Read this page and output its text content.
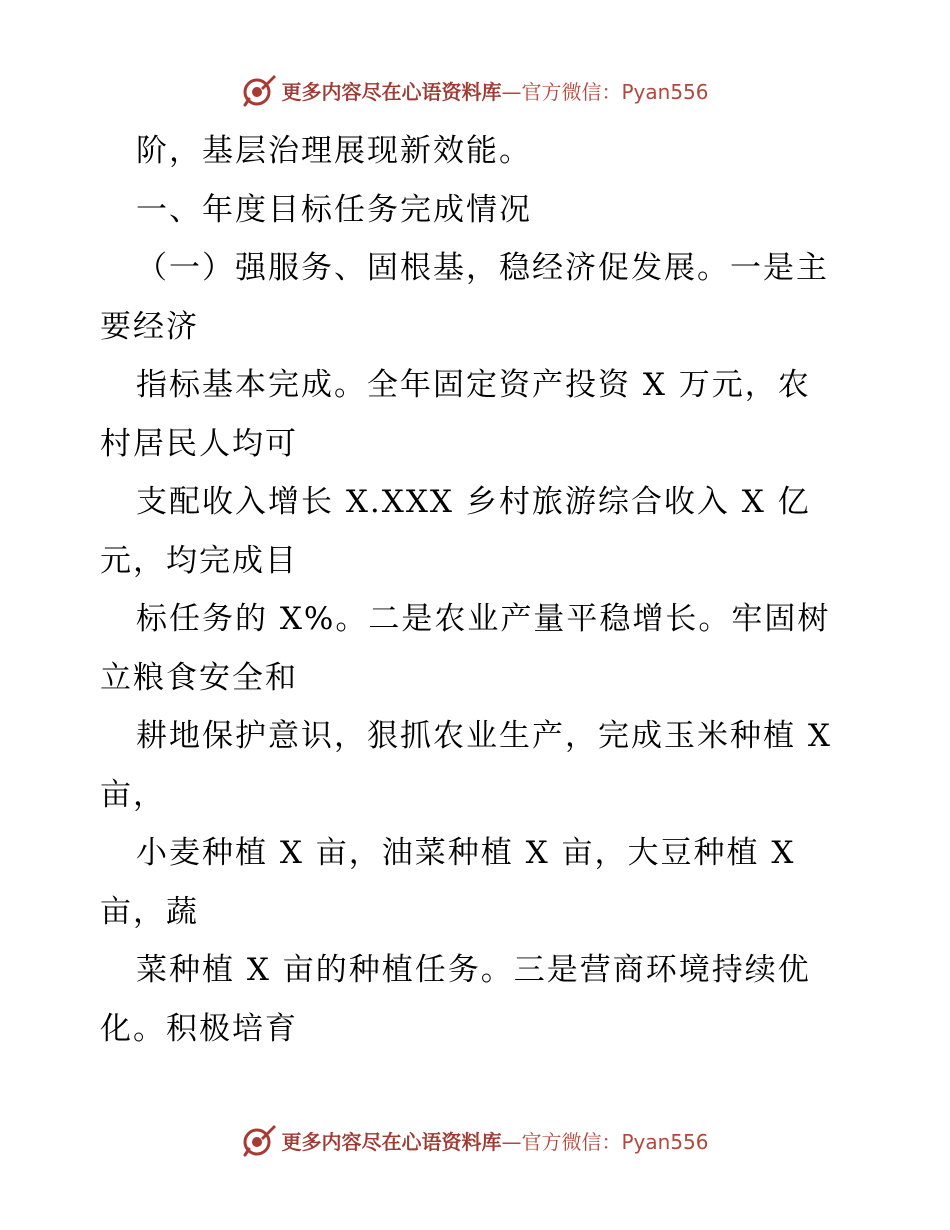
更多内容尽在心语资料库—官方微信：Pyan556
阶，基层治理展现新效能。
一、年度目标任务完成情况
（一）强服务、固根基，稳经济促发展。一是主
要经济
指标基本完成。全年固定资产投资 X 万元，农
村居民人均可
支配收入增长 X.XXX 乡村旅游综合收入 X 亿
元，均完成目
标任务的 X%。二是农业产量平稳增长。牢固树
立粮食安全和
耕地保护意识，狠抓农业生产，完成玉米种植 X
亩，
小麦种植 X 亩，油菜种植 X 亩，大豆种植 X
亩，蔬
菜种植 X 亩的种植任务。三是营商环境持续优
化。积极培育
更多内容尽在心语资料库—官方微信：Pyan556
